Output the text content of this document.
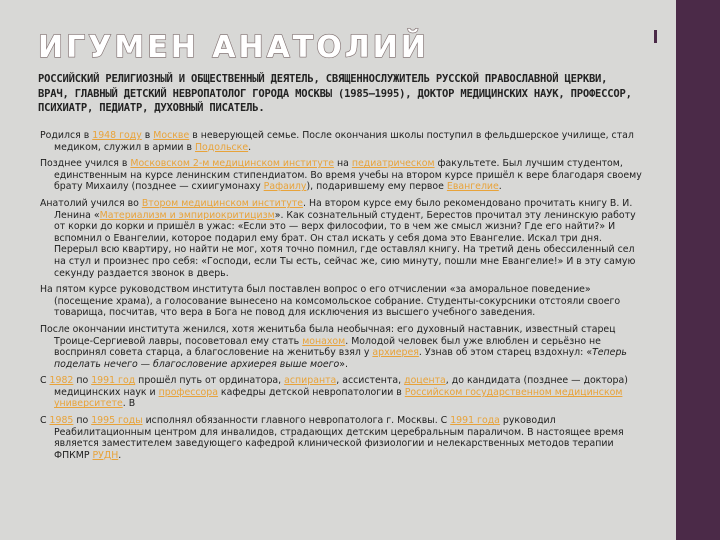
ИГУМЕН АНАТОЛИЙ

РОССИЙСКИЙ РЕЛИГИОЗНЫЙ И ОБЩЕСТВЕННЫЙ ДЕЯТЕЛЬ, СВЯЩЕННОСЛУЖИТЕЛЬ РУССКОЙ ПРАВОСЛАВНОЙ ЦЕРКВИ, ВРАЧ, ГЛАВНЫЙ ДЕТСКИЙ НЕВРОПАТОЛОГ ГОРОДА МОСКВЫ (1985—1995), ДОКТОР МЕДИЦИНСКИХ НАУК, ПРОФЕССОР, ПСИХИАТР, ПЕДИАТР, ДУХОВНЫЙ ПИСАТЕЛЬ.

Родился в 1948 году в Москве в неверующей семье. После окончания школы поступил в фельдшерское училище, стал медиком, служил в армии в Подольске.

Позднее учился в Московском 2-м медицинском институте на педиатрическом факультете. Был лучшим студентом, единственным на курсе ленинским стипендиатом. Во время учебы на втором курсе пришёл к вере благодаря своему брату Михаилу (позднее — схиигумонаху Рафаилу), подарившему ему первое Евангелие.

Анатолий учился во Втором медицинском институте. На втором курсе ему было рекомендовано прочитать книгу В. И. Ленина «Материализм и эмпириокритицизм». Как сознательный студент, Берестов прочитал эту ленинскую работу от корки до корки и пришёл в ужас: «Если это — верх философии, то в чем же смысл жизни? Где его найти?» И вспомнил о Евангелии, которое подарил ему брат. Он стал искать у себя дома это Евангелие. Искал три дня. Перерыл всю квартиру, но найти не мог, хотя точно помнил, где оставлял книгу. На третий день обессиленный сел на стул и произнес про себя: «Господи, если Ты есть, сейчас же, сию минуту, пошли мне Евангелие!» И в эту самую секунду раздается звонок в дверь.

На пятом курсе руководством института был поставлен вопрос о его отчислении «за аморальное поведение» (посещение храма), а голосование вынесено на комсомольское собрание. Студенты-сокурсники отстояли своего товарища, посчитав, что вера в Бога не повод для исключения из высшего учебного заведения.

После окончании института женился, хотя женитьба была необычная: его духовный наставник, известный старец Троице-Сергиевой лавры, посоветовал ему стать монахом. Молодой человек был уже влюблен и серьёзно не воспринял совета старца, а благословение на женитьбу взял у архиерея. Узнав об этом старец вздохнул: «Теперь поделать нечего — благословение архиерея выше моего».

С 1982 по 1991 год прошёл путь от ординатора, аспиранта, ассистента, доцента, до кандидата (позднее — доктора) медицинских наук и профессора кафедры детской невропатологии в Российском государственном медицинском университете. В

С 1985 по 1995 годы исполнял обязанности главного невропатолога г. Москвы. С 1991 года руководил Реабилитационным центром для инвалидов, страдающих детским церебральным параличом. В настоящее время является заместителем заведующего кафедрой клинической физиологии и нелекарственных методов терапии ФПКМР РУДН.
